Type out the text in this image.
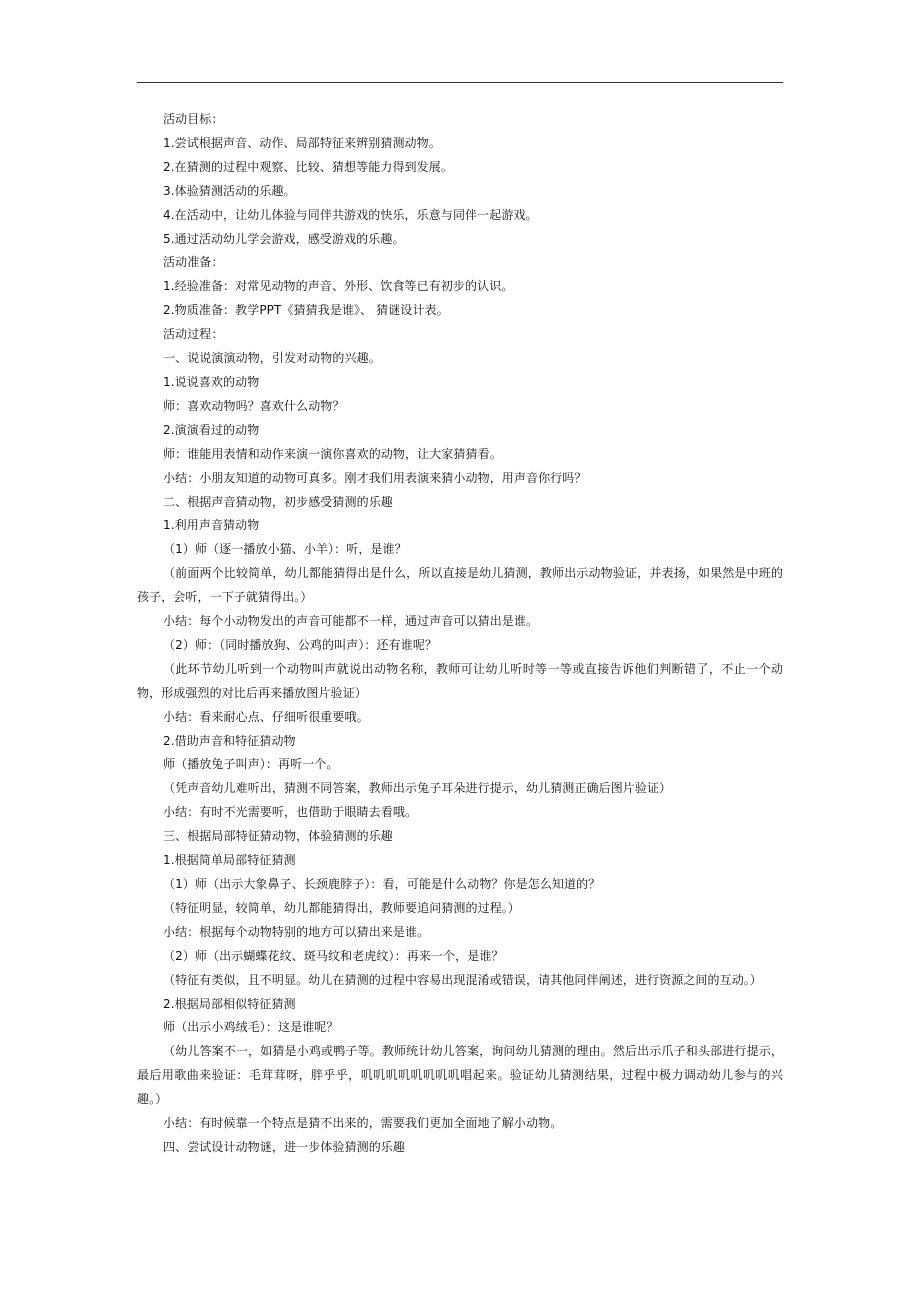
活动目标：
1.尝试根据声音、动作、局部特征来辨别猜测动物。
2.在猜测的过程中观察、比较、猜想等能力得到发展。
3.体验猜测活动的乐趣。
4.在活动中，让幼儿体验与同伴共游戏的快乐，乐意与同伴一起游戏。
5.通过活动幼儿学会游戏，感受游戏的乐趣。
活动准备：
1.经验准备：对常见动物的声音、外形、饮食等已有初步的认识。
2.物质准备：教学PPT《猜猜我是谁》、 猜谜设计表。
活动过程：
一、说说演演动物，引发对动物的兴趣。
1.说说喜欢的动物
师：喜欢动物吗？喜欢什么动物？
2.演演看过的动物
师：谁能用表情和动作来演一演你喜欢的动物，让大家猜猜看。
小结：小朋友知道的动物可真多。刚才我们用表演来猜小动物，用声音你行吗？
二、根据声音猜动物，初步感受猜测的乐趣
1.利用声音猜动物
（1）师（逐一播放小猫、小羊）：听，是谁？
（前面两个比较简单，幼儿都能猜得出是什么，所以直接是幼儿猜测，教师出示动物验证，并表扬，如果然是中班的孩子，会听，一下子就猜得出。）
小结：每个小动物发出的声音可能都不一样，通过声音可以猜出是谁。
（2）师：（同时播放狗、公鸡的叫声）：还有谁呢？
（此环节幼儿听到一个动物叫声就说出动物名称，教师可让幼儿听时等一等或直接告诉他们判断错了，不止一个动物，形成强烈的对比后再来播放图片验证）
小结：看来耐心点、仔细听很重要哦。
2.借助声音和特征猜动物
师（播放兔子叫声）：再听一个。
（凭声音幼儿难听出，猜测不同答案，教师出示兔子耳朵进行提示，幼儿猜测正确后图片验证）
小结：有时不光需要听，也借助于眼睛去看哦。
三、根据局部特征猜动物，体验猜测的乐趣
1.根据简单局部特征猜测
（1）师（出示大象鼻子、长颈鹿脖子）：看，可能是什么动物？你是怎么知道的？
（特征明显，较简单，幼儿都能猜得出，教师要追问猜测的过程。）
小结：根据每个动物特别的地方可以猜出来是谁。
（2）师（出示蝴蝶花纹、斑马纹和老虎纹）：再来一个，是谁？
（特征有类似，且不明显。幼儿在猜测的过程中容易出现混淆或错误，请其他同伴阐述，进行资源之间的互动。）
2.根据局部相似特征猜测
师（出示小鸡绒毛）：这是谁呢？
（幼儿答案不一，如猜是小鸡或鸭子等。教师统计幼儿答案，询问幼儿猜测的理由。然后出示爪子和头部进行提示，最后用歌曲来验证：毛茸茸呀，胖乎乎，叽叽叽叽叽叽叽叽唱起来。验证幼儿猜测结果，过程中极力调动幼儿参与的兴趣。）
小结：有时候靠一个特点是猜不出来的，需要我们更加全面地了解小动物。
四、尝试设计动物谜，进一步体验猜测的乐趣
